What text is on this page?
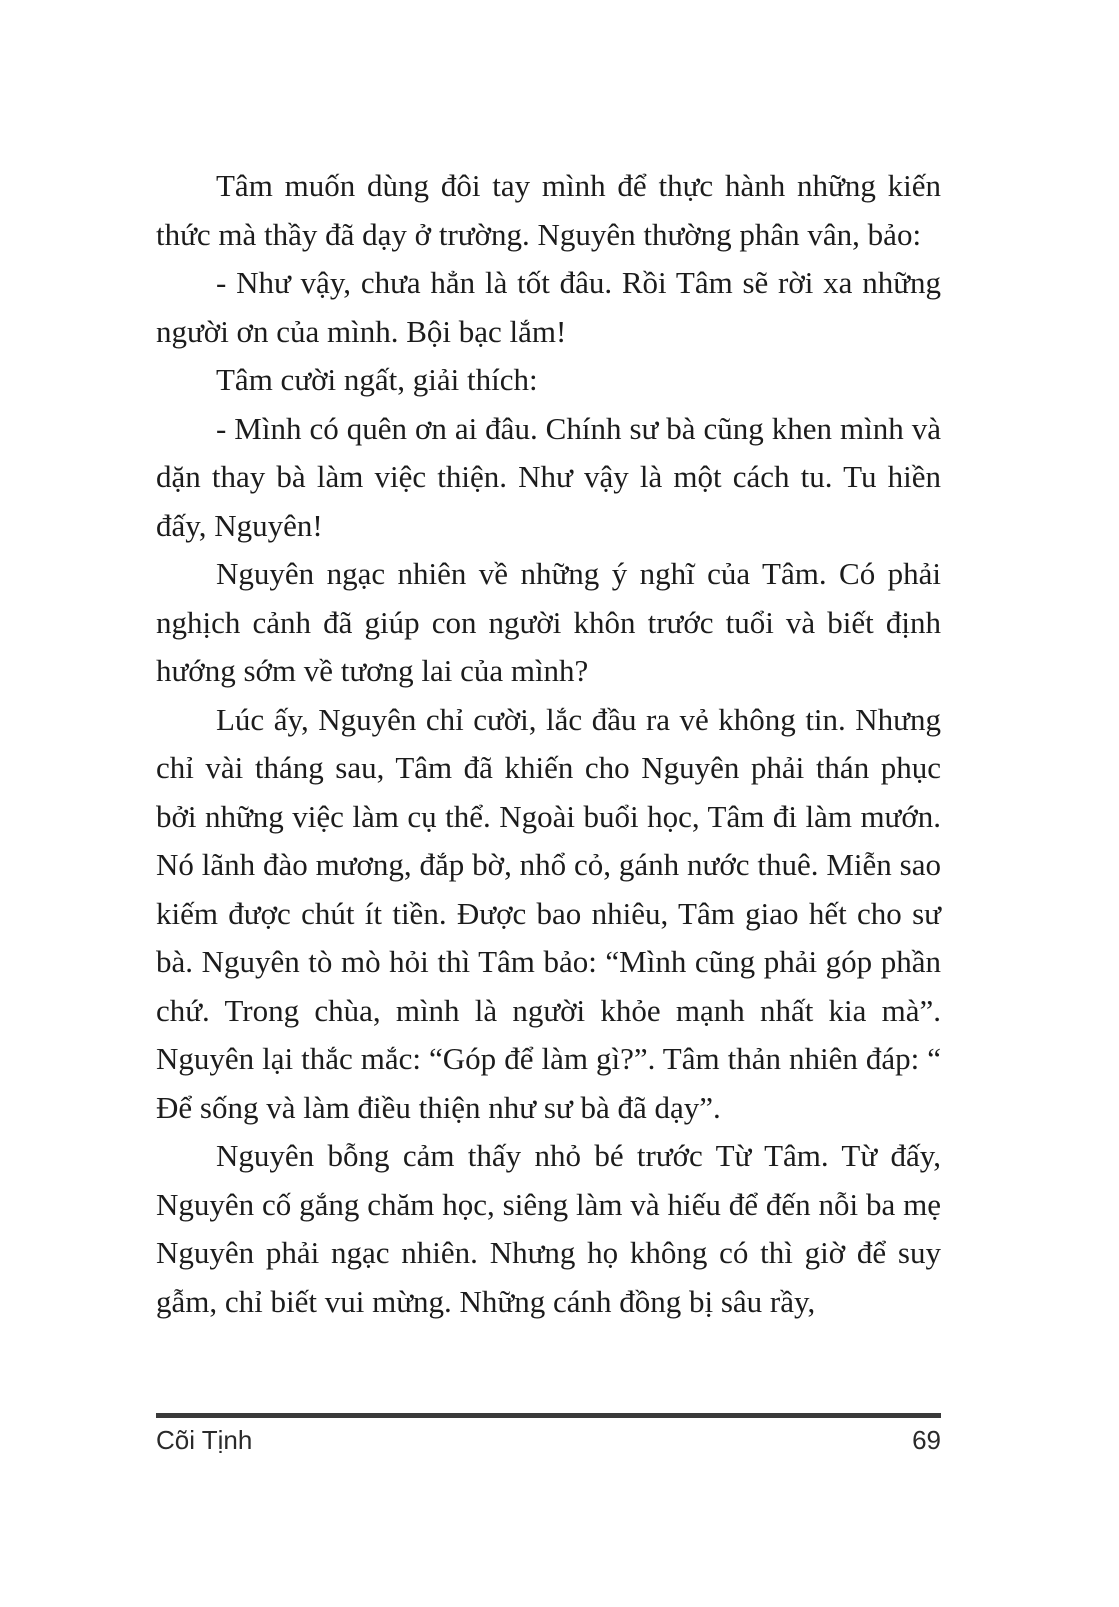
Tâm muốn dùng đôi tay mình để thực hành những kiến thức mà thầy đã dạy ở trường. Nguyên thường phân vân, bảo:

- Như vậy, chưa hẳn là tốt đâu. Rồi Tâm sẽ rời xa những người ơn của mình. Bội bạc lắm!

Tâm cười ngất, giải thích:

- Mình có quên ơn ai đâu. Chính sư bà cũng khen mình và dặn thay bà làm việc thiện. Như vậy là một cách tu. Tu hiền đấy, Nguyên!

Nguyên ngạc nhiên về những ý nghĩ của Tâm. Có phải nghịch cảnh đã giúp con người khôn trước tuổi và biết định hướng sớm về tương lai của mình?

Lúc ấy, Nguyên chỉ cười, lắc đầu ra vẻ không tin. Nhưng chỉ vài tháng sau, Tâm đã khiến cho Nguyên phải thán phục bởi những việc làm cụ thể. Ngoài buổi học, Tâm đi làm mướn. Nó lãnh đào mương, đắp bờ, nhổ cỏ, gánh nước thuê. Miễn sao kiếm được chút ít tiền. Được bao nhiêu, Tâm giao hết cho sư bà. Nguyên tò mò hỏi thì Tâm bảo: “Mình cũng phải góp phần chứ. Trong chùa, mình là người khỏe mạnh nhất kia mà”. Nguyên lại thắc mắc: “Góp để làm gì?”. Tâm thản nhiên đáp: “ Để sống và làm điều thiện như sư bà đã dạy”.

Nguyên bỗng cảm thấy nhỏ bé trước Từ Tâm. Từ đấy, Nguyên cố gắng chăm học, siêng làm và hiếu để đến nỗi ba mẹ Nguyên phải ngạc nhiên. Nhưng họ không có thì giờ để suy gẫm, chỉ biết vui mừng. Những cánh đồng bị sâu rầy,

Cõi Tịnh	69
